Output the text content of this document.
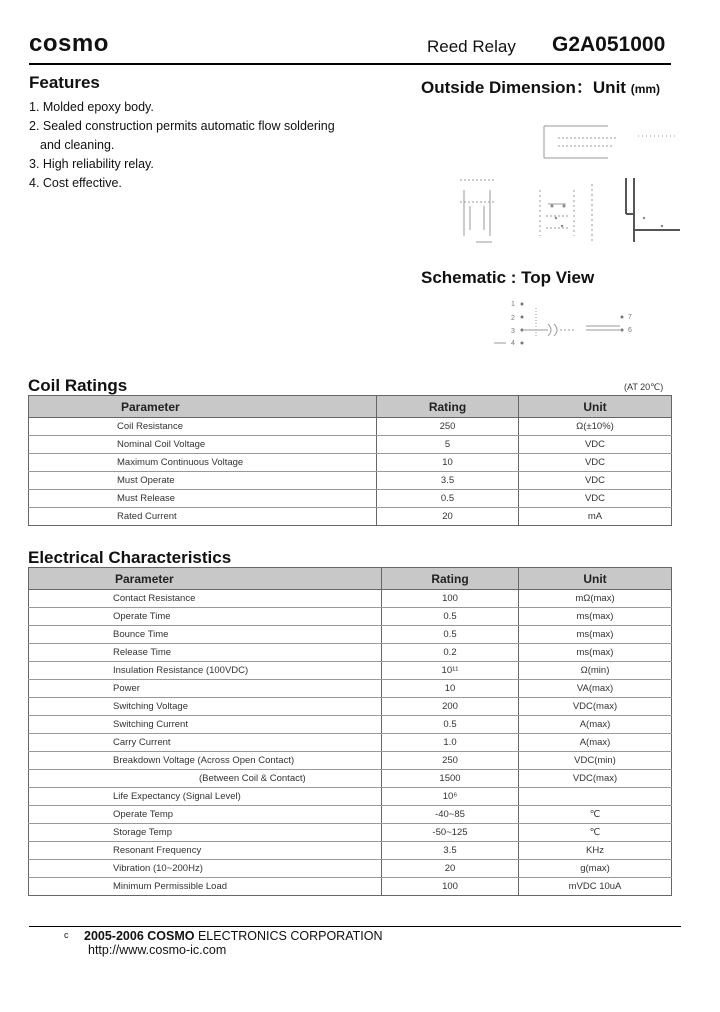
cosmo	Reed Relay G2A051000
Features
1. Molded epoxy body.
2. Sealed construction permits automatic flow soldering
and cleaning.
3. High reliability relay.
4. Cost effective.
Outside Dimension：Unit (mm)
Schematic : Top View
1
2
3
4
7
6
Coil Ratings	(AT 20℃)
Parameter	Rating	Unit
Coil Resistance	250	Ω(±10%)
Nominal Coil Voltage	5	VDC
Maximum Continuous Voltage	10	VDC
Must Operate	3.5	VDC
Must Release	0.5	VDC
Rated Current	20	mA
Electrical Characteristics
Parameter	Rating	Unit
Contact Resistance	100	mΩ(max)
Operate Time	0.5	ms(max)
Bounce Time	0.5	ms(max)
Release Time	0.2	ms(max)
Insulation Resistance (100VDC)	10¹¹	Ω(min)
Power	10	VA(max)
Switching Voltage	200	VDC(max)
Switching Current	0.5	A(max)
Carry Current	1.0	A(max)
Breakdown Voltage (Across Open Contact)	250	VDC(min)
(Between Coil & Contact)	1500	VDC(max)
Life Expectancy (Signal Level)	10⁶	
Operate Temp	-40~85	℃
Storage Temp	-50~125	℃
Resonant Frequency	3.5	KHz
Vibration (10~200Hz)	20	g(max)
Minimum Permissible Load	100	mVDC 10uA
c 2005-2006 COSMO ELECTRONICS CORPORATION
http://www.cosmo-ic.com
